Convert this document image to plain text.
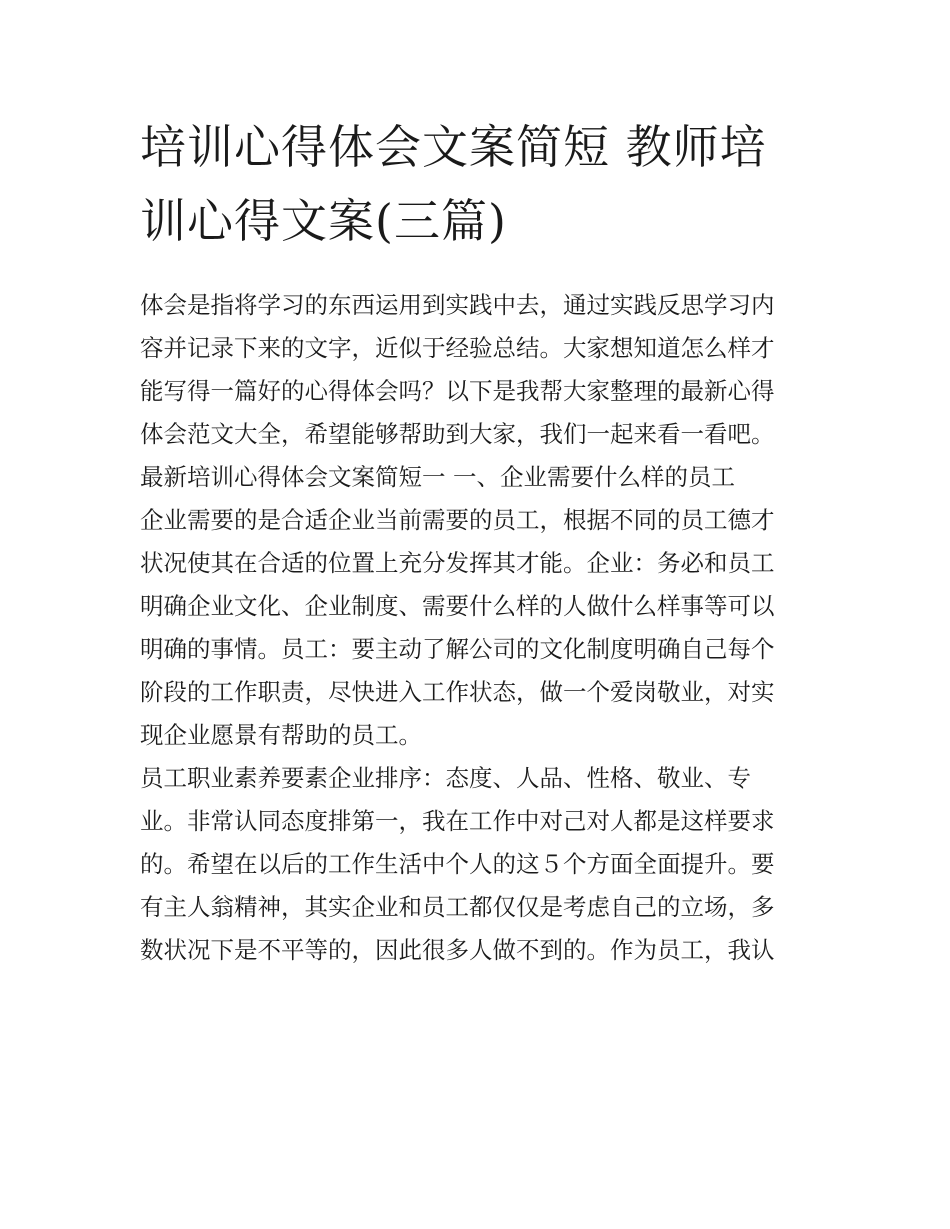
培训心得体会文案简短 教师培
训心得文案(三篇)
体会是指将学习的东西运用到实践中去，通过实践反思学习内
容并记录下来的文字，近似于经验总结。大家想知道怎么样才
能写得一篇好的心得体会吗？以下是我帮大家整理的最新心得
体会范文大全，希望能够帮助到大家，我们一起来看一看吧。
最新培训心得体会文案简短一 一、企业需要什么样的员工
企业需要的是合适企业当前需要的员工，根据不同的员工德才
状况使其在合适的位置上充分发挥其才能。企业：务必和员工
明确企业文化、企业制度、需要什么样的人做什么样事等可以
明确的事情。员工：要主动了解公司的文化制度明确自己每个
阶段的工作职责，尽快进入工作状态，做一个爱岗敬业，对实
现企业愿景有帮助的员工。
员工职业素养要素企业排序：态度、人品、性格、敬业、专
业。非常认同态度排第一，我在工作中对己对人都是这样要求
的。希望在以后的工作生活中个人的这５个方面全面提升。要
有主人翁精神，其实企业和员工都仅仅是考虑自己的立场，多
数状况下是不平等的，因此很多人做不到的。作为员工，我认
